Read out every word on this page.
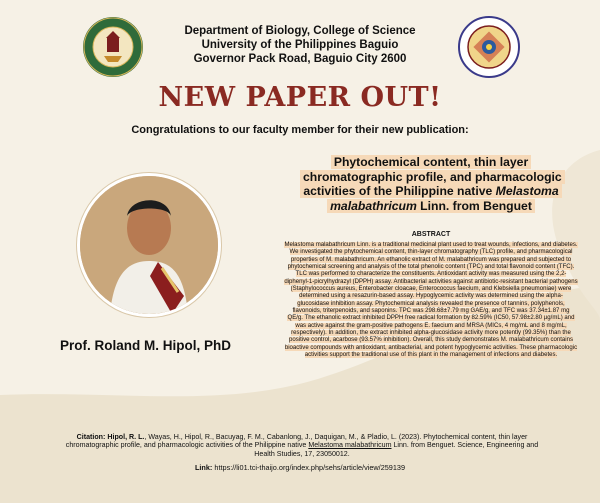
Department of Biology, College of Science
University of the Philippines Baguio
Governor Pack Road, Baguio City 2600
NEW PAPER OUT!
Congratulations to our faculty member for their new publication:
Prof. Roland M. Hipol, PhD
Phytochemical content, thin layer chromatographic profile, and pharmacologic activities of the Philippine native Melastoma malabathricum Linn. from Benguet
ABSTRACT
Melastoma malabathricum Linn. is a traditional medicinal plant used to treat wounds, infections, and diabetes. We investigated the phytochemical content, thin-layer chromatography (TLC) profile, and pharmacological properties of M. malabathricum. An ethanolic extract of M. malabathricum was prepared and subjected to phytochemical screening and analysis of the total phenolic content (TPC) and total flavonoid content (TFC). TLC was performed to characterize the constituents. Antioxidant activity was measured using the 2,2-diphenyl-1-picrylhydrazyl (DPPH) assay. Antibacterial activities against antibiotic-resistant bacterial pathogens (Staphylococcus aureus, Enterobacter cloacae, Enterococcus faecium, and Klebsiella pneumoniae) were determined using a resazurin-based assay. Hypoglycemic activity was determined using the alpha-glucosidase inhibition assay. Phytochemical analysis revealed the presence of tannins, polyphenols, flavonoids, triterpenoids, and saponins. TPC was 298.68±7.79 mg GAE/g, and TFC was 37.34±1.87 mg QE/g. The ethanolic extract inhibited DPPH free radical formation by 82.59% (IC50, 57.98±2.80 µg/mL) and was active against the gram-positive pathogens E. faecium and MRSA (MICs, 4 mg/mL and 8 mg/mL, respectively). In addition, the extract inhibited alpha-glucosidase activity more potently (99.35%) than the positive control, acarbose (93.57% inhibition). Overall, this study demonstrates M. malabathricum contains bioactive compounds with antioxidant, antibacterial, and potent hypoglycemic activities. These pharmacologic activities support the traditional use of this plant in the management of infections and diabetes.
Citation: Hipol, R. L., Wayas, H., Hipol, R., Bacuyag, F. M., Cabanlong, J., Daquigan, M., & Pladio, L. (2023). Phytochemical content, thin layer chromatographic profile, and pharmacologic activities of the Philippine native Melastoma malabathricum Linn. from Benguet. Science, Engineering and Health Studies, 17, 23050012.
Link: https://li01.tci-thaijo.org/index.php/sehs/article/view/259139
